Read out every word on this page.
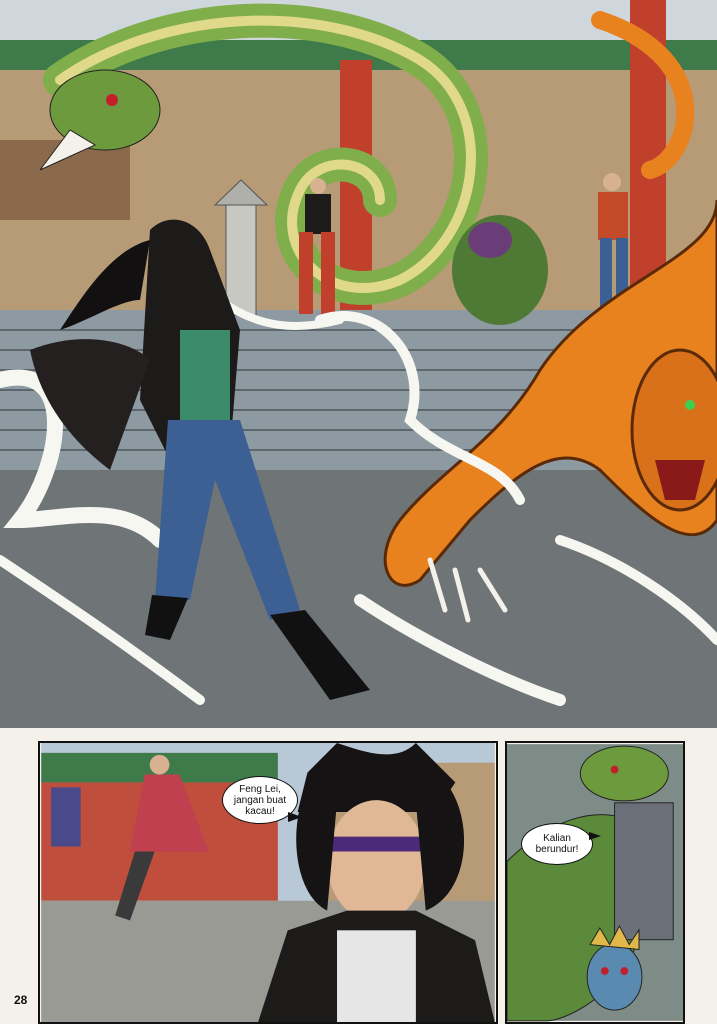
Feng Lei, jangan buat kacau!
Kalian berundur!
28
